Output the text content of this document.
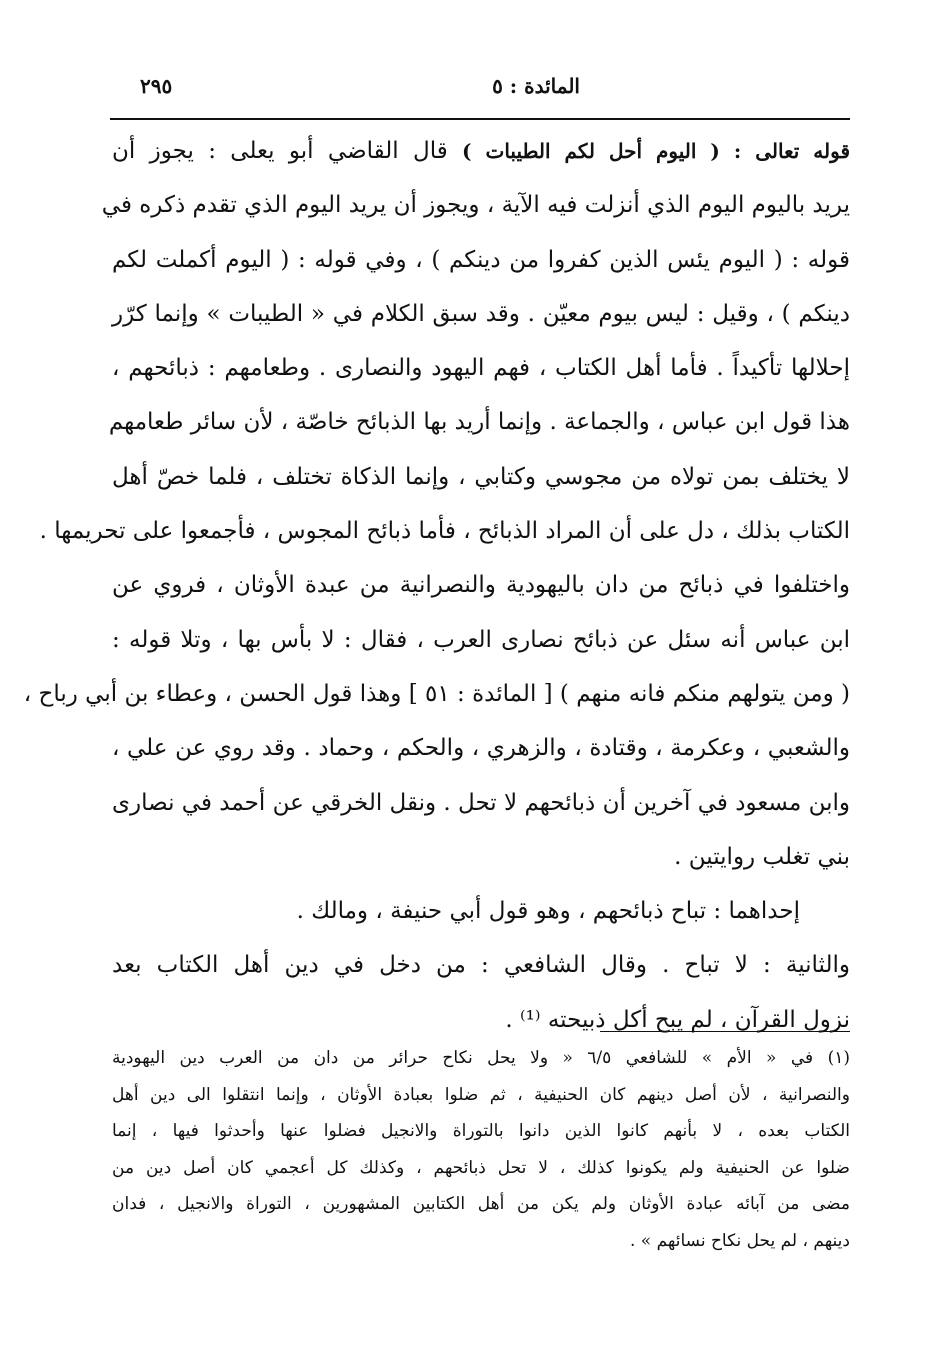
المائدة : ٥
٢٩٥
قوله تعالى : ( اليوم أحل لكم الطيبات ) قال القاضي أبو يعلى : يجوز أن
يريد باليوم اليوم الذي أنزلت فيه الآية ، ويجوز أن يريد اليوم الذي تقدم ذكره في
قوله : ( اليوم يئس الذين كفروا من دينكم ) ، وفي قوله : ( اليوم أكملت لكم
دينكم ) ، وقيل : ليس بيوم معيّن . وقد سبق الكلام في « الطيبات » وإنما كرّر
إحلالها تأكيداً . فأما أهل الكتاب ، فهم اليهود والنصارى . وطعامهم : ذبائحهم ،
هذا قول ابن عباس ، والجماعة . وإنما أريد بها الذبائح خاصّة ، لأن سائر طعامهم
لا يختلف بمن تولاه من مجوسي وكتابي ، وإنما الذكاة تختلف ، فلما خصّ أهل
الكتاب بذلك ، دل على أن المراد الذبائح ، فأما ذبائح المجوس ، فأجمعوا على تحريمها .
واختلفوا في ذبائح من دان باليهودية والنصرانية من عبدة الأوثان ، فروي عن
ابن عباس أنه سئل عن ذبائح نصارى العرب ، فقال : لا بأس بها ، وتلا قوله :
( ومن يتولهم منكم فانه منهم ) [ المائدة : ٥١ ] وهذا قول الحسن ، وعطاء بن أبي رباح ،
والشعبي ، وعكرمة ، وقتادة ، والزهري ، والحكم ، وحماد . وقد روي عن علي ،
وابن مسعود في آخرين أن ذبائحهم لا تحل . ونقل الخرقي عن أحمد في نصارى
بني تغلب روايتين .
إحداهما : تباح ذبائحهم ، وهو قول أبي حنيفة ، ومالك .
والثانية : لا تباح . وقال الشافعي : من دخل في دين أهل الكتاب بعد
نزول القرآن ، لم يبح أكل ذبيحته ⁽¹⁾ .
(١) في « الأم » للشافعي ٦/٥ « ولا يحل نكاح حرائر من دان من العرب دين اليهودية
والنصرانية ، لأن أصل دينهم كان الحنيفية ، ثم ضلوا بعبادة الأوثان ، وإنما انتقلوا الى دين أهل
الكتاب بعده ، لا بأنهم كانوا الذين دانوا بالتوراة والانجيل فضلوا عنها وأحدثوا فيها ، إنما
ضلوا عن الحنيفية ولم يكونوا كذلك ، لا تحل ذبائحهم ، وكذلك كل أعجمي كان أصل دين من
مضى من آبائه عبادة الأوثان ولم يكن من أهل الكتابين المشهورين ، التوراة والانجيل ، فدان
دينهم ، لم يحل نكاح نسائهم » .
